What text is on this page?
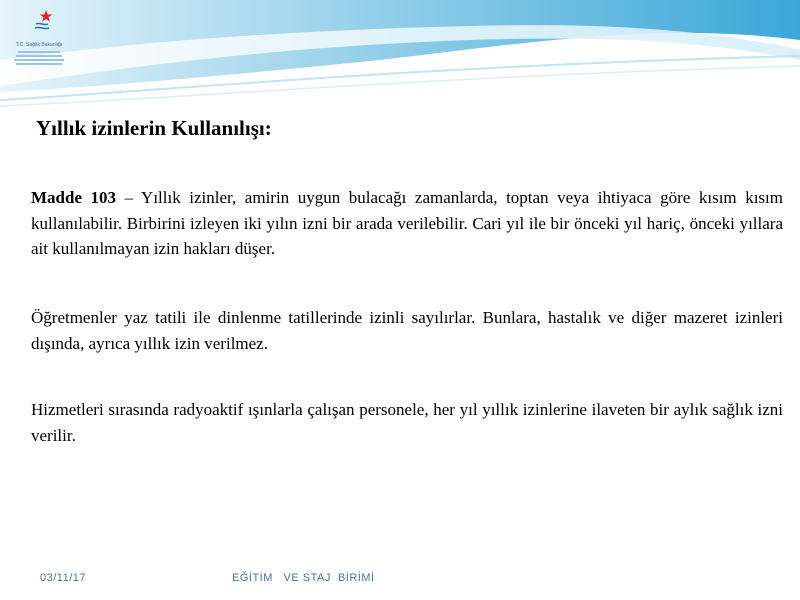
T.C. Sağlık Bakanlığı
Yıllık izinlerin Kullanılışı:
Madde 103 – Yıllık izinler, amirin uygun bulacağı zamanlarda, toptan veya ihtiyaca göre kısım kısım kullanılabilir. Birbirini izleyen iki yılın izni bir arada verilebilir. Cari yıl ile bir önceki yıl hariç, önceki yıllara ait kullanılmayan izin hakları düşer.
Öğretmenler yaz tatili ile dinlenme tatillerinde izinli sayılırlar. Bunlara, hastalık ve diğer mazeret izinleri dışında, ayrıca yıllık izin verilmez.
Hizmetleri sırasında radyoaktif ışınlarla çalışan personele, her yıl yıllık izinlerine ilaveten bir aylık sağlık izni verilir.
03/11/17	EĞİTİM   VE STAJ  BİRİMİ
